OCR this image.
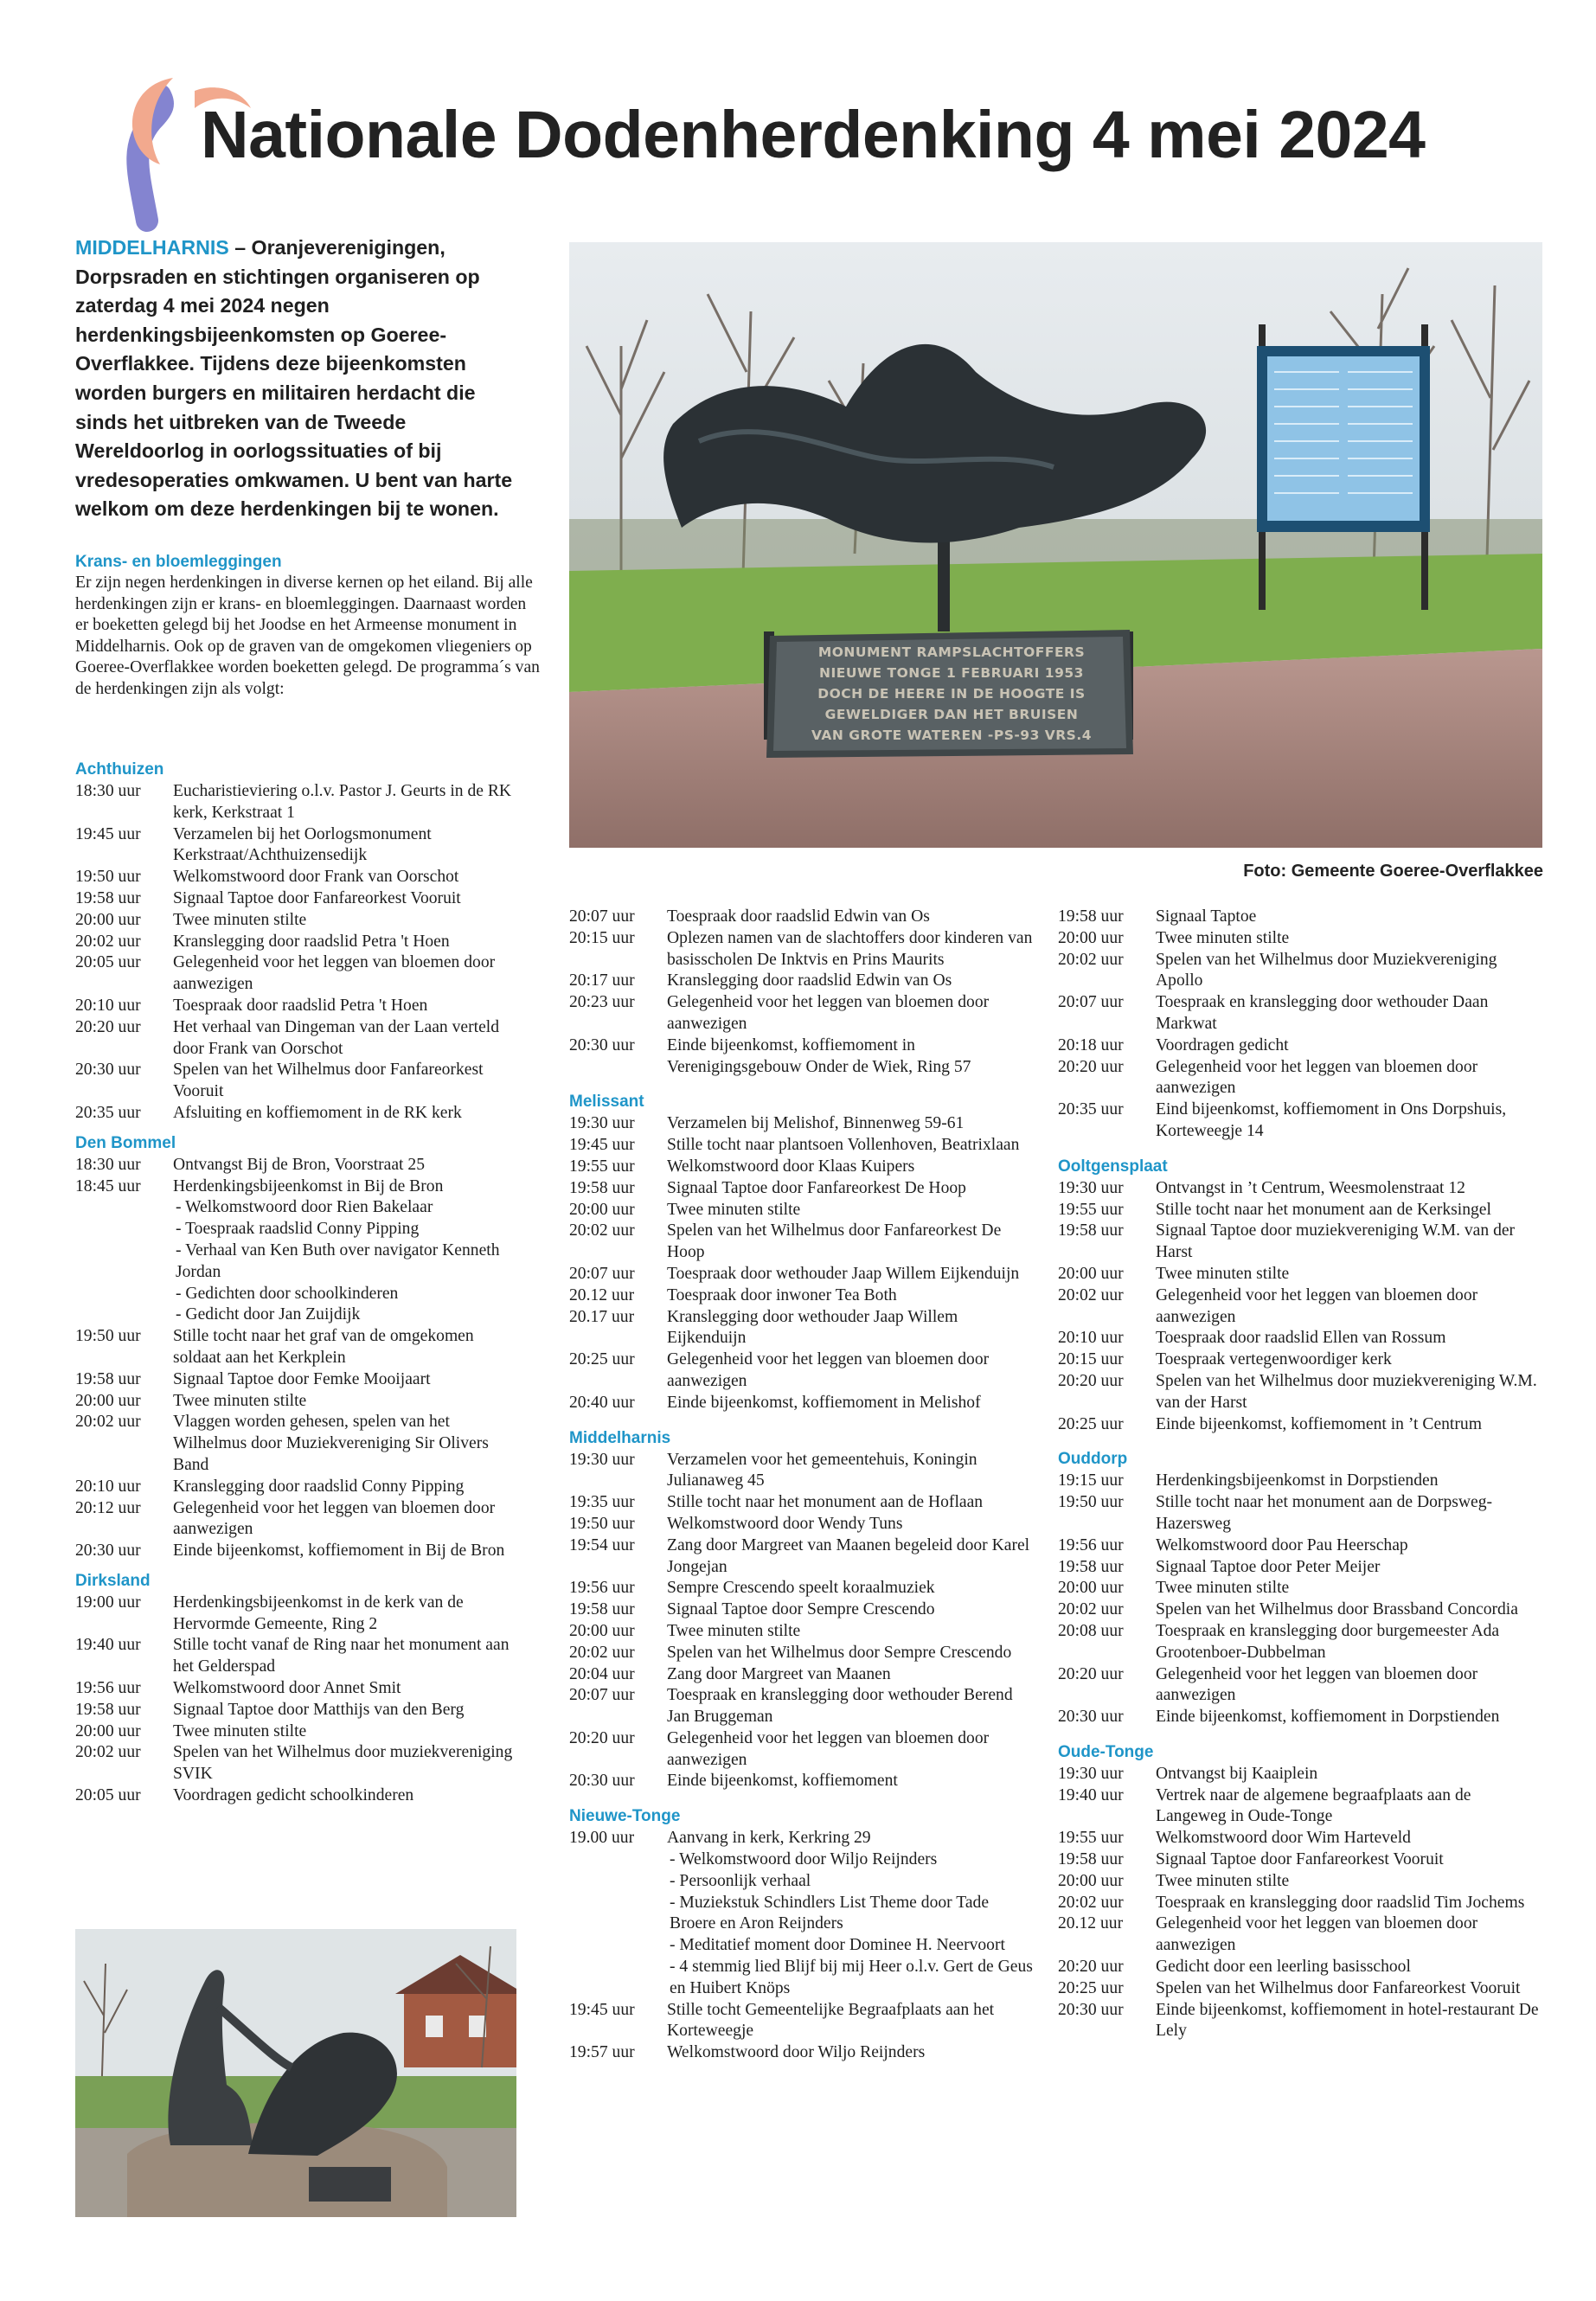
Nationale Dodenherdenking 4 mei 2024

MIDDELHARNIS – Oranjeverenigingen, Dorpsraden en stichtingen organiseren op zaterdag 4 mei 2024 negen herdenkingsbijeenkomsten op Goeree-Overflakkee. Tijdens deze bijeenkomsten worden burgers en militairen herdacht die sinds het uitbreken van de Tweede Wereldoorlog in oorlogssituaties of bij vredesoperaties omkwamen. U bent van harte welkom om deze herdenkingen bij te wonen.

Krans- en bloemleggingen

Er zijn negen herdenkingen in diverse kernen op het eiland. Bij alle herdenkingen zijn er krans- en bloemleggingen. Daarnaast worden er boeketten gelegd bij het Joodse en het Armeense monument in Middelharnis. Ook op de graven van de omgekomen vliegeniers op Goeree-Overflakkee worden boeketten gelegd. De programma´s van de herdenkingen zijn als volgt:

Achthuizen
18:30 uur	Eucharistieviering o.l.v. Pastor J. Geurts in de RK kerk, Kerkstraat 1
19:45 uur	Verzamelen bij het Oorlogsmonument Kerkstraat/Achthuizensedijk
19:50 uur	Welkomstwoord door Frank van Oorschot
19:58 uur	Signaal Taptoe door Fanfareorkest Vooruit
20:00 uur	Twee minuten stilte
20:02 uur	Kranslegging door raadslid Petra 't Hoen
20:05 uur	Gelegenheid voor het leggen van bloemen door aanwezigen
20:10 uur	Toespraak door raadslid Petra 't Hoen
20:20 uur	Het verhaal van Dingeman van der Laan verteld door Frank van Oorschot
20:30 uur	Spelen van het Wilhelmus door Fanfareorkest Vooruit
20:35 uur	Afsluiting en koffiemoment in de RK kerk
Den Bommel
18:30 uur	Ontvangst Bij de Bron, Voorstraat 25
18:45 uur	Herdenkingsbijeenkomst in Bij de Bron
- Welkomstwoord door Rien Bakelaar
- Toespraak raadslid Conny Pipping
- Verhaal van Ken Buth over navigator Kenneth Jordan
- Gedichten door schoolkinderen
- Gedicht door Jan Zuijdijk
19:50 uur	Stille tocht naar het graf van de omgekomen soldaat aan het Kerkplein
19:58 uur	Signaal Taptoe door Femke Mooijaart
20:00 uur	Twee minuten stilte
20:02 uur	Vlaggen worden gehesen, spelen van het Wilhelmus door Muziekvereniging Sir Olivers Band
20:10 uur	Kranslegging door raadslid Conny Pipping
20:12 uur	Gelegenheid voor het leggen van bloemen door aanwezigen
20:30 uur	Einde bijeenkomst, koffiemoment in Bij de Bron
Dirksland
19:00 uur	Herdenkingsbijeenkomst in de kerk van de Hervormde Gemeente, Ring 2
19:40 uur	Stille tocht vanaf de Ring naar het monument aan het Gelderspad
19:56 uur	Welkomstwoord door Annet Smit
19:58 uur	Signaal Taptoe door Matthijs van den Berg
20:00 uur	Twee minuten stilte
20:02 uur	Spelen van het Wilhelmus door muziekvereniging SVIK
20:05 uur	Voordragen gedicht schoolkinderen
20:07 uur	Toespraak door raadslid Edwin van Os
20:15 uur	Oplezen namen van de slachtoffers door kinderen van basisscholen De Inktvis en Prins Maurits
20:17 uur	Kranslegging door raadslid Edwin van Os
20:23 uur	Gelegenheid voor het leggen van bloemen door aanwezigen
20:30 uur	Einde bijeenkomst, koffiemoment in Verenigingsgebouw Onder de Wiek, Ring 57
Melissant
19:30 uur	Verzamelen bij Melishof, Binnenweg 59-61
19:45 uur	Stille tocht naar plantsoen Vollenhoven, Beatrixlaan
19:55 uur	Welkomstwoord door Klaas Kuipers
19:58 uur	Signaal Taptoe door Fanfareorkest De Hoop
20:00 uur	Twee minuten stilte
20:02 uur	Spelen van het Wilhelmus door Fanfareorkest De Hoop
20:07 uur	Toespraak door wethouder Jaap Willem Eijkenduijn
20.12 uur	Toespraak door inwoner Tea Both
20.17 uur	Kranslegging door wethouder Jaap Willem Eijkenduijn
20:25 uur	Gelegenheid voor het leggen van bloemen door aanwezigen
20:40 uur	Einde bijeenkomst, koffiemoment in Melishof
Middelharnis
19:30 uur	Verzamelen voor het gemeentehuis, Koningin Julianaweg 45
19:35 uur	Stille tocht naar het monument aan de Hoflaan
19:50 uur	Welkomstwoord door Wendy Tuns
19:54 uur	Zang door Margreet van Maanen begeleid door Karel Jongejan
19:56 uur	Sempre Crescendo speelt koraalmuziek
19:58 uur	Signaal Taptoe door Sempre Crescendo
20:00 uur	Twee minuten stilte
20:02 uur	Spelen van het Wilhelmus door Sempre Crescendo
20:04 uur	Zang door Margreet van Maanen
20:07 uur	Toespraak en kranslegging door wethouder Berend Jan Bruggeman
20:20 uur	Gelegenheid voor het leggen van bloemen door aanwezigen
20:30 uur	Einde bijeenkomst, koffiemoment
Nieuwe-Tonge
19.00 uur	Aanvang in kerk, Kerkring 29
- Welkomstwoord door Wiljo Reijnders
- Persoonlijk verhaal
- Muziekstuk Schindlers List Theme door Tade Broere en Aron Reijnders
- Meditatief moment door Dominee H. Neervoort
- 4 stemmig lied Blijf bij mij Heer o.l.v. Gert de Geus en Huibert Knöps
19:45 uur	Stille tocht Gemeentelijke Begraafplaats aan het Korteweegje
19:57 uur	Welkomstwoord door Wiljo Reijnders
19:58 uur	Signaal Taptoe
20:00 uur	Twee minuten stilte
20:02 uur	Spelen van het Wilhelmus door Muziekvereniging Apollo
20:07 uur	Toespraak en kranslegging door wethouder Daan Markwat
20:18 uur	Voordragen gedicht
20:20 uur	Gelegenheid voor het leggen van bloemen door aanwezigen
20:35 uur	Eind bijeenkomst, koffiemoment in Ons Dorpshuis, Korteweegje 14
Ooltgensplaat
19:30 uur	Ontvangst in ’t Centrum, Weesmolenstraat 12
19:55 uur	Stille tocht naar het monument aan de Kerksingel
19:58 uur	Signaal Taptoe door muziekvereniging W.M. van der Harst
20:00 uur	Twee minuten stilte
20:02 uur	Gelegenheid voor het leggen van bloemen door aanwezigen
20:10 uur	Toespraak door raadslid Ellen van Rossum
20:15 uur	Toespraak vertegenwoordiger kerk
20:20 uur	Spelen van het Wilhelmus door muziekvereniging W.M. van der Harst
20:25 uur	Einde bijeenkomst, koffiemoment in ’t Centrum
Ouddorp
19:15 uur	Herdenkingsbijeenkomst in Dorpstienden
19:50 uur	Stille tocht naar het monument aan de Dorpsweg-Hazersweg
19:56 uur	Welkomstwoord door Pau Heerschap
19:58 uur	Signaal Taptoe door Peter Meijer
20:00 uur	Twee minuten stilte
20:02 uur	Spelen van het Wilhelmus door Brassband Concordia
20:08 uur	Toespraak en kranslegging door burgemeester Ada Grootenboer-Dubbelman
20:20 uur	Gelegenheid voor het leggen van bloemen door aanwezigen
20:30 uur	Einde bijeenkomst, koffiemoment in Dorpstienden
Oude-Tonge
19:30 uur	Ontvangst bij Kaaiplein
19:40 uur	Vertrek naar de algemene begraafplaats aan de Langeweg in Oude-Tonge
19:55 uur	Welkomstwoord door Wim Harteveld
19:58 uur	Signaal Taptoe door Fanfareorkest Vooruit
20:00 uur	Twee minuten stilte
20:02 uur	Toespraak en kranslegging door raadslid Tim Jochems
20.12 uur	Gelegenheid voor het leggen van bloemen door aanwezigen
20:20 uur	Gedicht door een leerling basisschool
20:25 uur	Spelen van het Wilhelmus door Fanfareorkest Vooruit
20:30 uur	Einde bijeenkomst, koffiemoment in hotel-restaurant De Lely
MONUMENT RAMPSLACHTOFFERS
NIEUWE TONGE 1 FEBRUARI 1953
DOCH DE HEERE IN DE HOOGTE IS
GEWELDIGER DAN HET BRUISEN
VAN GROTE WATEREN -PS-93 VRS.4

Foto: Gemeente Goeree-Overflakkee
